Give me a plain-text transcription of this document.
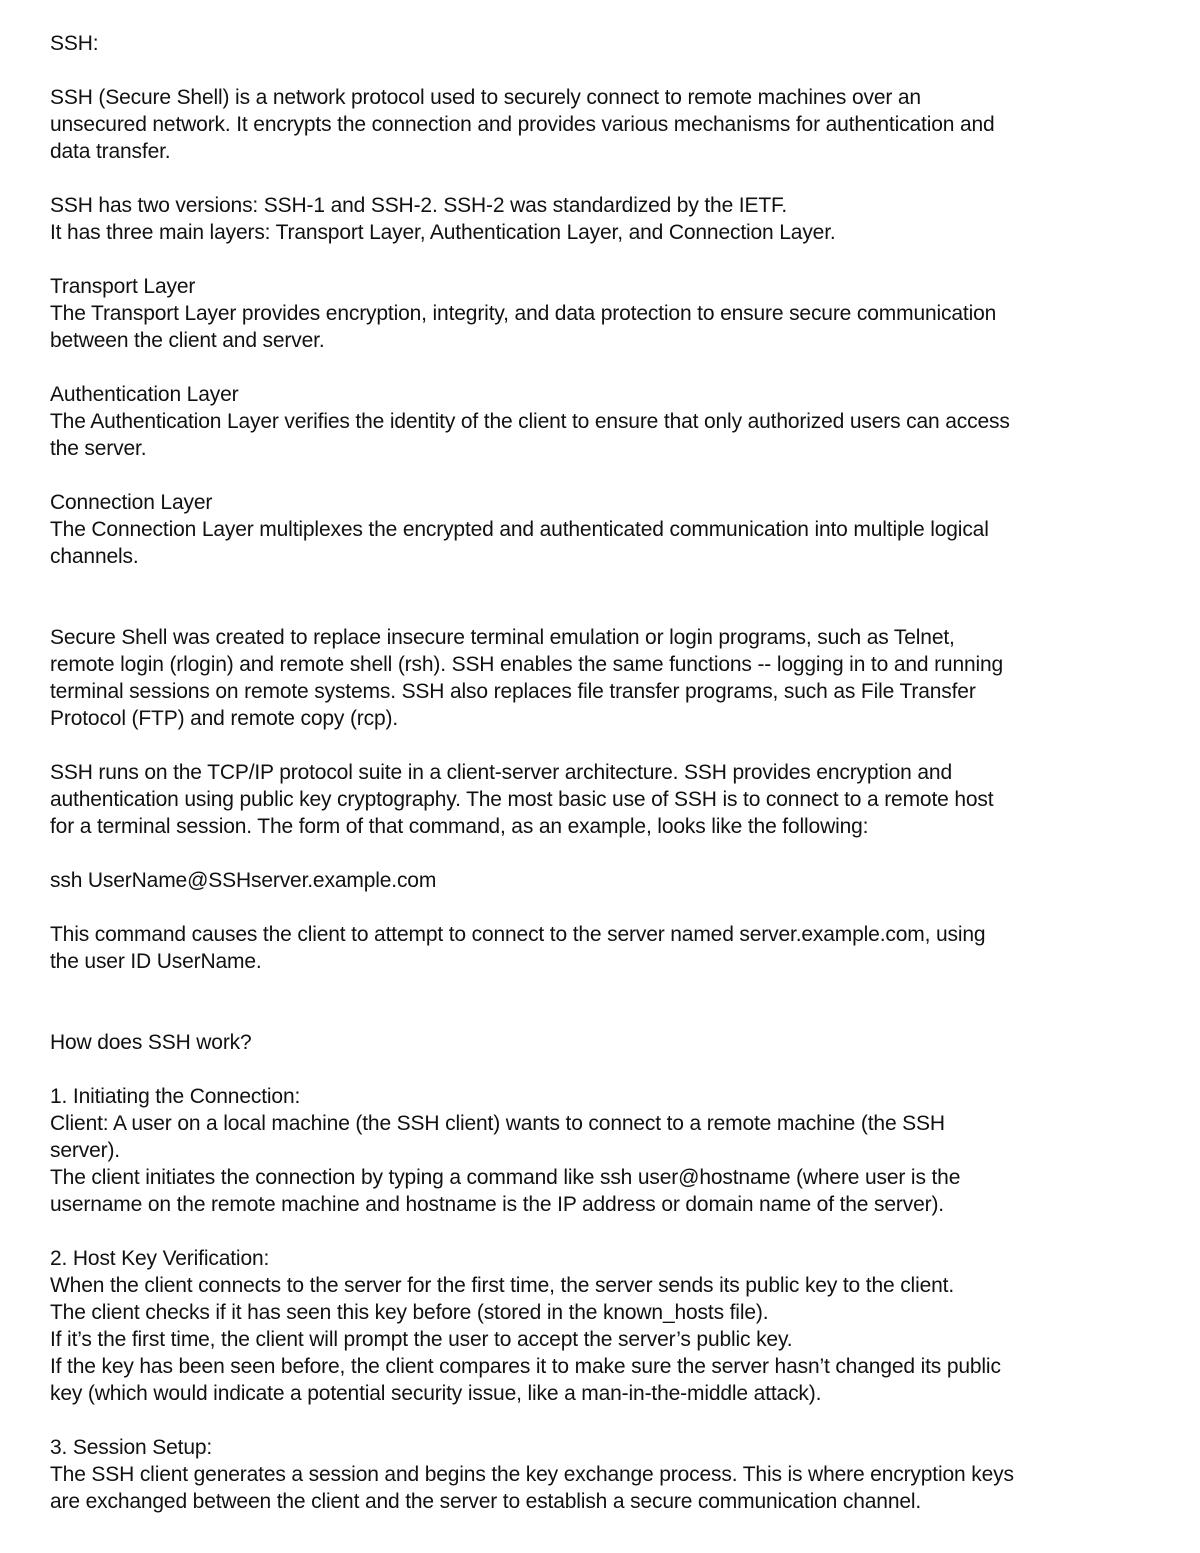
SSH:
SSH (Secure Shell) is a network protocol used to securely connect to remote machines over an
unsecured network. It encrypts the connection and provides various mechanisms for authentication and
data transfer.
SSH has two versions: SSH-1 and SSH-2. SSH-2 was standardized by the IETF.
It has three main layers: Transport Layer, Authentication Layer, and Connection Layer.
Transport Layer
The Transport Layer provides encryption, integrity, and data protection to ensure secure communication
between the client and server.
Authentication Layer
The Authentication Layer verifies the identity of the client to ensure that only authorized users can access
the server.
Connection Layer
The Connection Layer multiplexes the encrypted and authenticated communication into multiple logical
channels.
Secure Shell was created to replace insecure terminal emulation or login programs, such as Telnet,
remote login (rlogin) and remote shell (rsh). SSH enables the same functions -- logging in to and running
terminal sessions on remote systems. SSH also replaces file transfer programs, such as File Transfer
Protocol (FTP) and remote copy (rcp).
SSH runs on the TCP/IP protocol suite in a client-server architecture. SSH provides encryption and
authentication using public key cryptography. The most basic use of SSH is to connect to a remote host
for a terminal session. The form of that command, as an example, looks like the following:
ssh UserName@SSHserver.example.com
This command causes the client to attempt to connect to the server named server.example.com, using
the user ID UserName.
How does SSH work?
1. Initiating the Connection:
Client: A user on a local machine (the SSH client) wants to connect to a remote machine (the SSH
server).
The client initiates the connection by typing a command like ssh user@hostname (where user is the
username on the remote machine and hostname is the IP address or domain name of the server).
2. Host Key Verification:
When the client connects to the server for the first time, the server sends its public key to the client.
The client checks if it has seen this key before (stored in the known_hosts file).
If it’s the first time, the client will prompt the user to accept the server’s public key.
If the key has been seen before, the client compares it to make sure the server hasn’t changed its public
key (which would indicate a potential security issue, like a man-in-the-middle attack).
3. Session Setup:
The SSH client generates a session and begins the key exchange process. This is where encryption keys
are exchanged between the client and the server to establish a secure communication channel.
